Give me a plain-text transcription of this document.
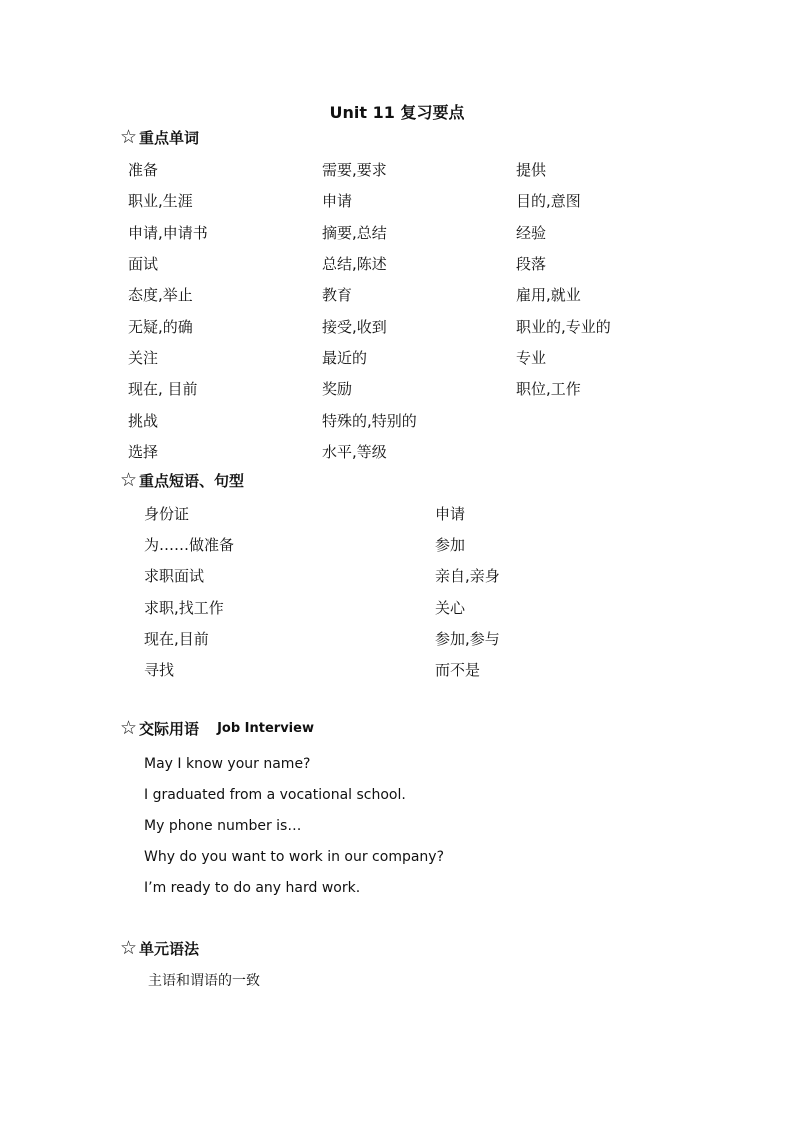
Unit 11 复习要点
☆ 重点单词
准备	需要,要求	提供
职业,生涯	申请	目的,意图
申请,申请书	摘要,总结	经验
面试	总结,陈述	段落
态度,举止	教育	雇用,就业
无疑,的确	接受,收到	职业的,专业的
关注	最近的	专业
现在, 目前	奖励	职位,工作
挑战	特殊的,特别的
选择	水平,等级
☆ 重点短语、句型
身份证	申请
为……做准备	参加
求职面试	亲自,亲身
求职,找工作	关心
现在,目前	参加,参与
寻找	而不是
☆ 交际用语 Job Interview
May I know your name?
I graduated from a vocational school.
My phone number is…
Why do you want to work in our company?
I’m ready to do any hard work.
☆ 单元语法
主语和谓语的一致
